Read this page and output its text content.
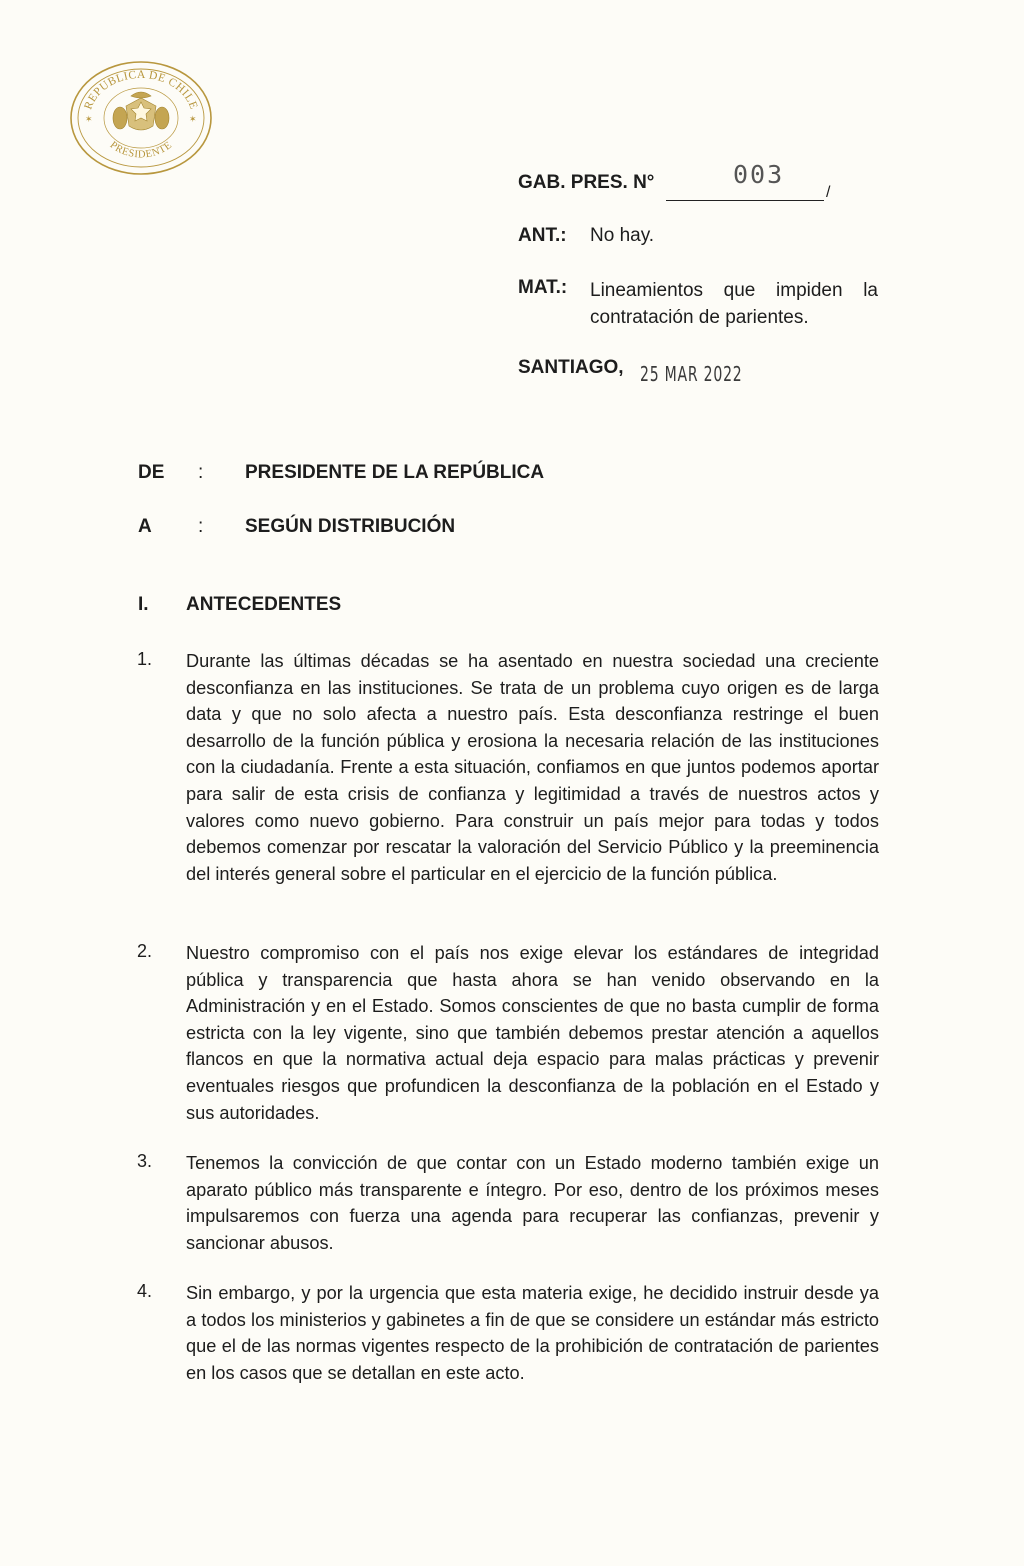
REPUBLICA DE CHILE
PRESIDENTE
✶	✶
GAB. PRES. N°	003
/
ANT.: No hay.
MAT.: Lineamientos que impiden la contratación de parientes.
SANTIAGO, 25 MAR 2022
DE : PRESIDENTE DE LA REPÚBLICA
A : SEGÚN DISTRIBUCIÓN
I. ANTECEDENTES
1. Durante las últimas décadas se ha asentado en nuestra sociedad una creciente desconfianza en las instituciones. Se trata de un problema cuyo origen es de larga data y que no solo afecta a nuestro país. Esta desconfianza restringe el buen desarrollo de la función pública y erosiona la necesaria relación de las instituciones con la ciudadanía. Frente a esta situación, confiamos en que juntos podemos aportar para salir de esta crisis de confianza y legitimidad a través de nuestros actos y valores como nuevo gobierno. Para construir un país mejor para todas y todos debemos comenzar por rescatar la valoración del Servicio Público y la preeminencia del interés general sobre el particular en el ejercicio de la función pública.
2. Nuestro compromiso con el país nos exige elevar los estándares de integridad pública y transparencia que hasta ahora se han venido observando en la Administración y en el Estado. Somos conscientes de que no basta cumplir de forma estricta con la ley vigente, sino que también debemos prestar atención a aquellos flancos en que la normativa actual deja espacio para malas prácticas y prevenir eventuales riesgos que profundicen la desconfianza de la población en el Estado y sus autoridades.
3. Tenemos la convicción de que contar con un Estado moderno también exige un aparato público más transparente e íntegro. Por eso, dentro de los próximos meses impulsaremos con fuerza una agenda para recuperar las confianzas, prevenir y sancionar abusos.
4. Sin embargo, y por la urgencia que esta materia exige, he decidido instruir desde ya a todos los ministerios y gabinetes a fin de que se considere un estándar más estricto que el de las normas vigentes respecto de la prohibición de contratación de parientes en los casos que se detallan en este acto.
